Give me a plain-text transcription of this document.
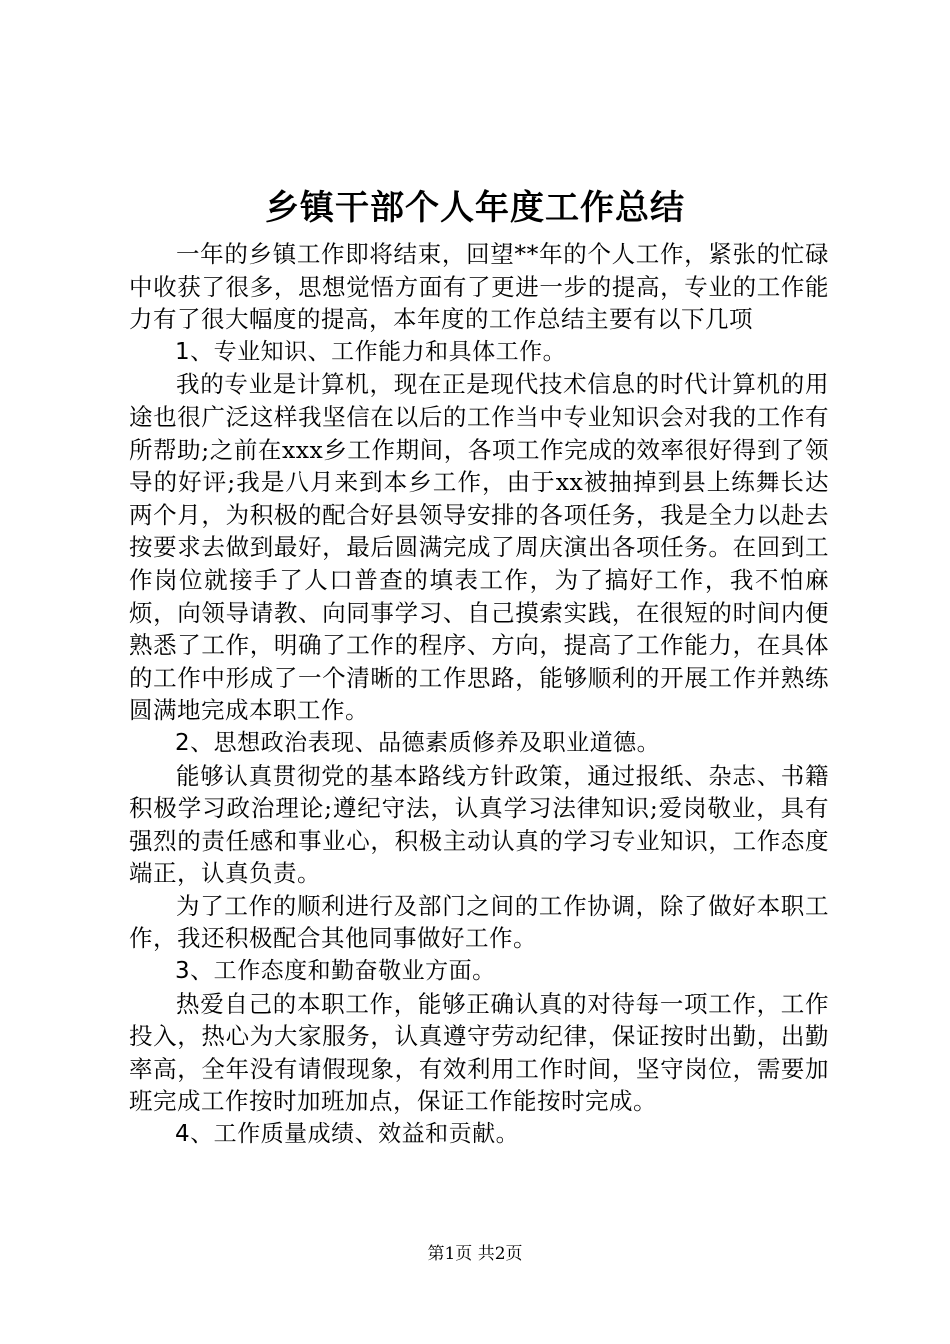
乡镇干部个人年度工作总结

一年的乡镇工作即将结束，回望**年的个人工作，紧张的忙碌中收获了很多，思想觉悟方面有了更进一步的提高，专业的工作能力有了很大幅度的提高，本年度的工作总结主要有以下几项

1、专业知识、工作能力和具体工作。

我的专业是计算机，现在正是现代技术信息的时代计算机的用途也很广泛这样我坚信在以后的工作当中专业知识会对我的工作有所帮助;之前在xxx乡工作期间，各项工作完成的效率很好得到了领导的好评;我是八月来到本乡工作，由于xx被抽掉到县上练舞长达两个月，为积极的配合好县领导安排的各项任务，我是全力以赴去按要求去做到最好，最后圆满完成了周庆演出各项任务。在回到工作岗位就接手了人口普查的填表工作，为了搞好工作，我不怕麻烦，向领导请教、向同事学习、自己摸索实践，在很短的时间内便熟悉了工作，明确了工作的程序、方向，提高了工作能力，在具体的工作中形成了一个清晰的工作思路，能够顺利的开展工作并熟练圆满地完成本职工作。

2、思想政治表现、品德素质修养及职业道德。

能够认真贯彻党的基本路线方针政策，通过报纸、杂志、书籍积极学习政治理论;遵纪守法，认真学习法律知识;爱岗敬业，具有强烈的责任感和事业心，积极主动认真的学习专业知识，工作态度端正，认真负责。

为了工作的顺利进行及部门之间的工作协调，除了做好本职工作，我还积极配合其他同事做好工作。

3、工作态度和勤奋敬业方面。

热爱自己的本职工作，能够正确认真的对待每一项工作，工作投入，热心为大家服务，认真遵守劳动纪律，保证按时出勤，出勤率高，全年没有请假现象，有效利用工作时间，坚守岗位，需要加班完成工作按时加班加点，保证工作能按时完成。

4、工作质量成绩、效益和贡献。

第1页 共2页
